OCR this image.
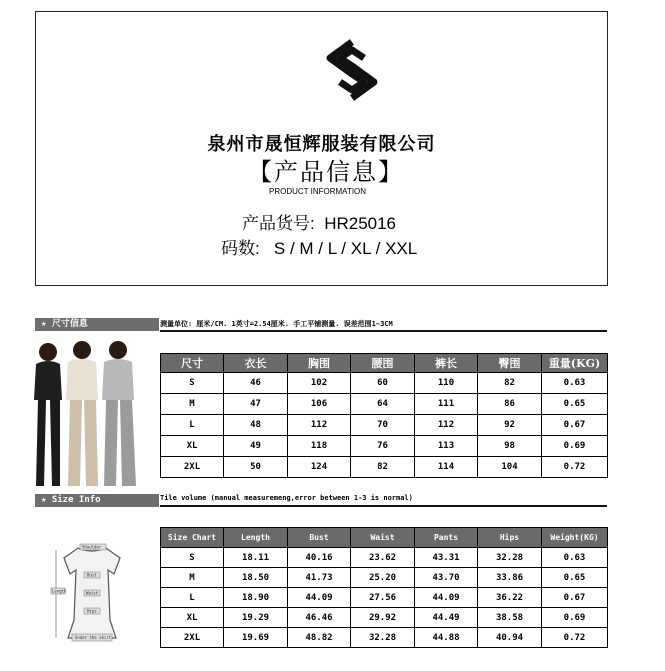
泉州市晟恒辉服装有限公司
【产品信息】
PRODUCT INFORMATION
产品货号: HR25016
码数: S / M / L / XL / XXL
★ 尺寸信息	测量单位: 厘米/CM. 1英寸=2.54厘米. 手工平铺测量. 误差范围1~3CM
尺寸	衣长	胸围	腰围	裤长	臀围	重量(KG)
S	46	102	60	110	82	0.63
M	47	106	64	111	86	0.65
L	48	112	70	112	92	0.67
XL	49	118	76	113	98	0.69
2XL	50	124	82	114	104	0.72
★ Size Info	Tile volume (manual measuremeng,error between 1-3 is normal)
Shoulder
Bust
Waist
Hips
Length
Under the skirt
Size Chart	Length	Bust	Waist	Pants	Hips	Weight(KG)
S	18.11	40.16	23.62	43.31	32.28	0.63
M	18.50	41.73	25.20	43.70	33.86	0.65
L	18.90	44.09	27.56	44.09	36.22	0.67
XL	19.29	46.46	29.92	44.49	38.58	0.69
2XL	19.69	48.82	32.28	44.88	40.94	0.72
